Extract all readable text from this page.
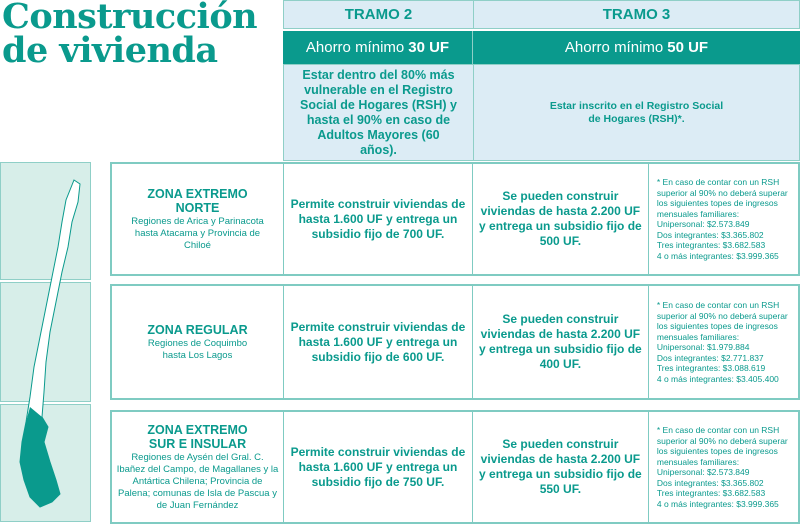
Construcción
de vivienda
TRAMO 2	TRAMO 3
Ahorro mínimo 30 UF	Ahorro mínimo 50 UF
Estar dentro del 80% más vulnerable en el Registro Social de Hogares (RSH) y hasta el 90% en caso de Adultos Mayores (60 años).
Estar inscrito en el Registro Social de Hogares (RSH)*.
ZONA EXTREMO NORTE
Regiones de Arica y Parinacota hasta Atacama y Provincia de Chiloé
Permite construir viviendas de hasta 1.600 UF y entrega un subsidio fijo de 700 UF.
Se pueden construir viviendas de hasta 2.200 UF y entrega un subsidio fijo de 500 UF.
* En caso de contar con un RSH superior al 90% no deberá superar los siguientes topes de ingresos mensuales familiares:
Unipersonal: $2.573.849
Dos integrantes: $3.365.802
Tres integrantes: $3.682.583
4 o más integrantes: $3.999.365
ZONA REGULAR
Regiones de Coquimbo hasta Los Lagos
Permite construir viviendas de hasta 1.600 UF y entrega un subsidio fijo de 600 UF.
Se pueden construir viviendas de hasta 2.200 UF y entrega un subsidio fijo de 400 UF.
* En caso de contar con un RSH superior al 90% no deberá superar los siguientes topes de ingresos mensuales familiares:
Unipersonal: $1.979.884
Dos integrantes: $2.771.837
Tres integrantes: $3.088.619
4 o más integrantes: $3.405.400
ZONA EXTREMO SUR E INSULAR
Regiones de Aysén del Gral. C. Ibañez del Campo, de Magallanes y la Antártica Chilena; Provincia de Palena; comunas de Isla de Pascua y de Juan Fernández
Permite construir viviendas de hasta 1.600 UF y entrega un subsidio fijo de 750 UF.
Se pueden construir viviendas de hasta 2.200 UF y entrega un subsidio fijo de 550 UF.
* En caso de contar con un RSH superior al 90% no deberá superar los siguientes topes de ingresos mensuales familiares:
Unipersonal: $2.573.849
Dos integrantes: $3.365.802
Tres integrantes: $3.682.583
4 o más integrantes: $3.999.365
